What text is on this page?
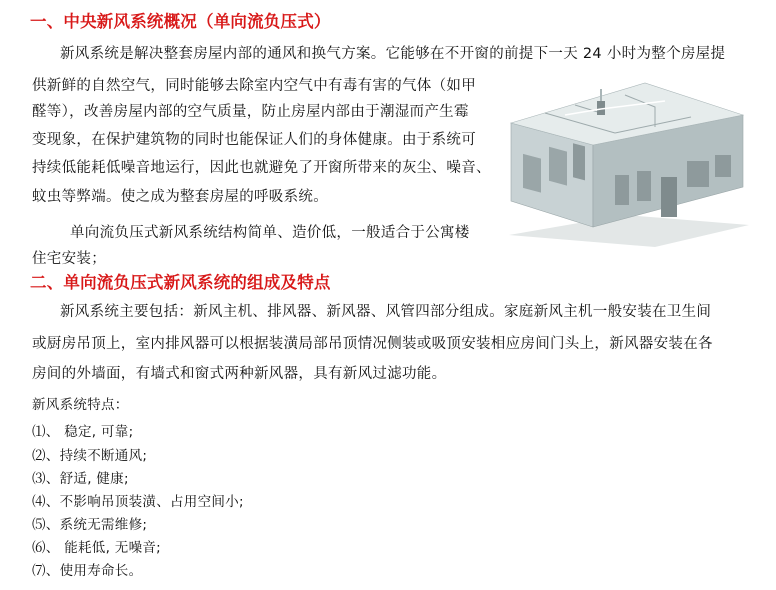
一、中央新风系统概况（单向流负压式）

新风系统是解决整套房屋内部的通风和换气方案。它能够在不开窗的前提下一天 24 小时为整个房屋提

供新鲜的自然空气，同时能够去除室内空气中有毒有害的气体（如甲

醛等），改善房屋内部的空气质量，防止房屋内部由于潮湿而产生霉

变现象，在保护建筑物的同时也能保证人们的身体健康。由于系统可

持续低能耗低噪音地运行，因此也就避免了开窗所带来的灰尘、噪音、

蚊虫等弊端。使之成为整套房屋的呼吸系统。

单向流负压式新风系统结构简单、造价低，一般适合于公寓楼

住宅安装；

二、单向流负压式新风系统的组成及特点

新风系统主要包括：新风主机、排风器、新风器、风管四部分组成。家庭新风主机一般安装在卫生间

或厨房吊顶上，室内排风器可以根据装潢局部吊顶情况侧装或吸顶安装相应房间门头上，新风器安装在各

房间的外墙面，有墙式和窗式两种新风器，具有新风过滤功能。

新风系统特点：

⑴、 稳定, 可靠;

⑵、持续不断通风;

⑶、舒适, 健康;

⑷、不影响吊顶装潢、占用空间小;

⑸、系统无需维修;

⑹、 能耗低, 无噪音;

⑺、使用寿命长。
